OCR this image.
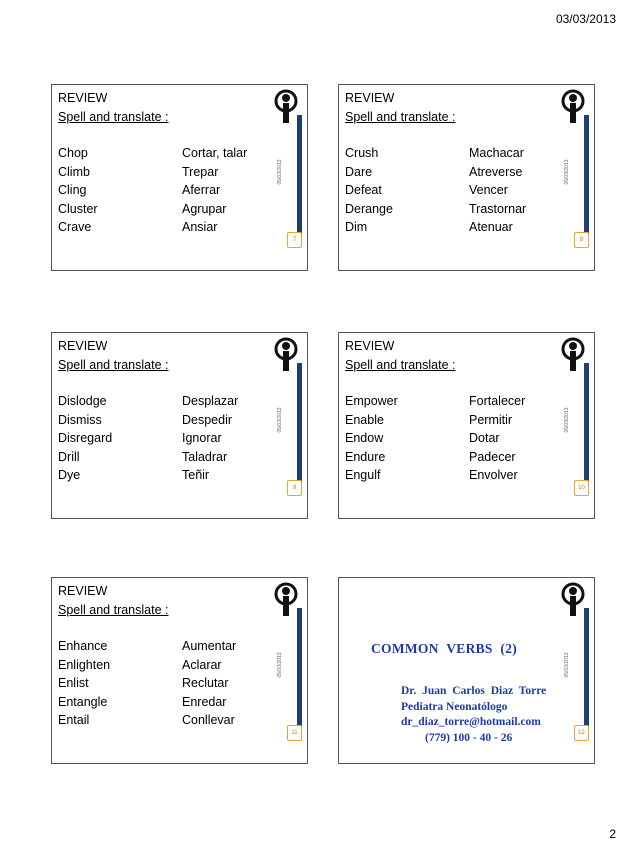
03/03/2013
REVIEW
Spell and translate :
Chop	Cortar, talar
Climb	Trepar
Cling	Aferrar
Cluster	Agrupar
Crave	Ansiar
05/03/2013
7
REVIEW
Spell and translate :
Crush	Machacar
Dare	Atreverse
Defeat	Vencer
Derange	Trastornar
Dim	Atenuar
05/03/2013
8
REVIEW
Spell and translate :
Dislodge	Desplazar
Dismiss	Despedir
Disregard	Ignorar
Drill	Taladrar
Dye	Teñir
05/03/2013
9
REVIEW
Spell and translate :
Empower	Fortalecer
Enable	Permitir
Endow	Dotar
Endure	Padecer
Engulf	Envolver
05/03/2013
10
REVIEW
Spell and translate :
Enhance	Aumentar
Enlighten	Aclarar
Enlist	Reclutar
Entangle	Enredar
Entail	Conllevar
05/03/2013
11
COMMON VERBS (2)
Dr. Juan Carlos Diaz Torre
Pediatra Neonatólogo
dr_diaz_torre@hotmail.com
(779) 100 - 40 - 26
05/03/2013
12
2
